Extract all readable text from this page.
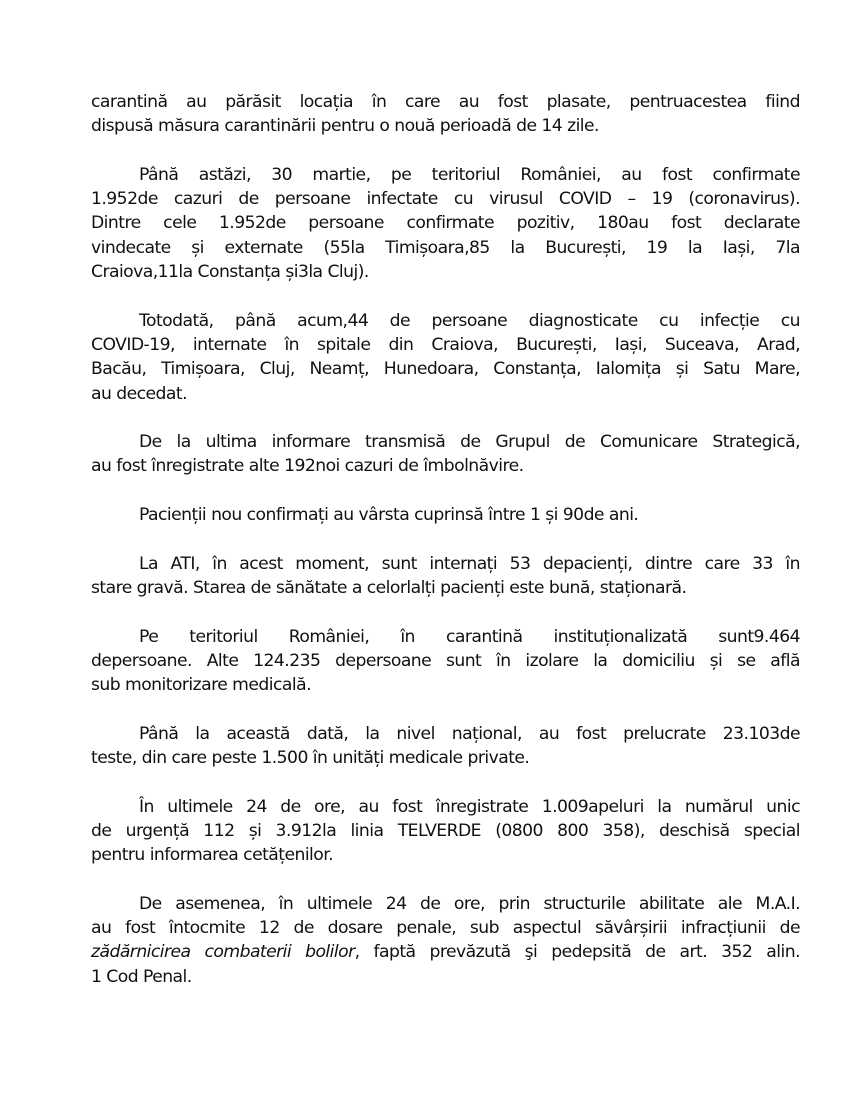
carantină au părăsit locația în care au fost plasate, pentruacestea fiind
dispusă măsura carantinării pentru o nouă perioadă de 14 zile.
Până astăzi, 30 martie, pe teritoriul României, au fost confirmate
1.952de cazuri de persoane infectate cu virusul COVID – 19 (coronavirus).
Dintre cele 1.952de persoane confirmate pozitiv, 180au fost declarate
vindecate și externate (55la Timișoara,85 la București, 19 la Iași, 7la
Craiova,11la Constanța și3la Cluj).
Totodată, până acum,44 de persoane diagnosticate cu infecție cu
COVID-19, internate în spitale din Craiova, București, Iași, Suceava, Arad,
Bacău, Timișoara, Cluj, Neamț, Hunedoara, Constanța, Ialomița și Satu Mare,
au decedat.
De la ultima informare transmisă de Grupul de Comunicare Strategică,
au fost înregistrate alte 192noi cazuri de îmbolnăvire.
Pacienții nou confirmați au vârsta cuprinsă între 1 și 90de ani.
La ATI, în acest moment, sunt internați 53 depacienți, dintre care 33 în
stare gravă. Starea de sănătate a celorlalți pacienți este bună, staționară.
Pe teritoriul României, în carantină instituționalizată sunt9.464
depersoane. Alte 124.235 depersoane sunt în izolare la domiciliu și se află
sub monitorizare medicală.
Până la această dată, la nivel național, au fost prelucrate 23.103de
teste, din care peste 1.500 în unități medicale private.
În ultimele 24 de ore, au fost înregistrate 1.009apeluri la numărul unic
de urgență 112 și 3.912la linia TELVERDE (0800 800 358), deschisă special
pentru informarea cetățenilor.
De asemenea, în ultimele 24 de ore, prin structurile abilitate ale M.A.I.
au fost întocmite 12 de dosare penale, sub aspectul săvârșirii infracțiunii de
zădărnicirea combaterii bolilor, faptă prevăzută şi pedepsită de art. 352 alin.
1 Cod Penal.
